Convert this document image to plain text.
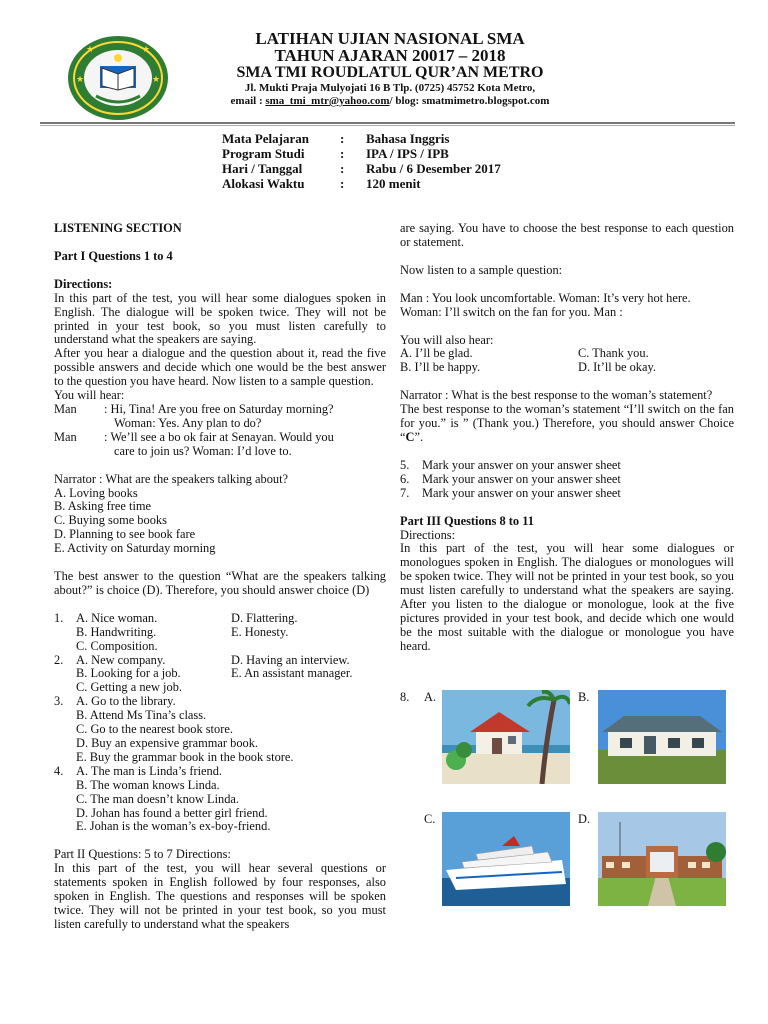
★	★
★	★
LATIHAN UJIAN NASIONAL SMA
TAHUN AJARAN 20017 – 2018
SMA TMI ROUDLATUL QUR’AN METRO
Jl. Mukti Praja Mulyojati 16 B Tlp. (0725) 45752 Kota Metro,
email : sma_tmi_mtr@yahoo.com/ blog: smatmimetro.blogspot.com
Mata Pelajaran	:	Bahasa Inggris
Program Studi	:	IPA / IPS / IPB
Hari / Tanggal	:	Rabu / 6 Desember 2017
Alokasi Waktu	:	120 menit

LISTENING SECTION

Part I Questions 1 to 4

Directions:

In this part of the test, you will hear some dialogues spoken in English. The dialogue will be spoken twice. They will not be printed in your test book, so you must listen carefully to understand what the speakers are saying.

After you hear a dialogue and the question about it, read the five possible answers and decide which one would be the best answer to the question you have heard. Now listen to a sample question.

You will hear:

Man	: Hi, Tina! Are you free on Saturday morning?
Woman: Yes. Any plan to do?
Man	: We’ll see a bo ok fair at Senayan. Would you
care to join us? Woman: I’d love to.

Narrator : What are the speakers talking about?

A. Loving books

B. Asking free time

C. Buying some books

D. Planning to see book fare

E. Activity on Saturday morning

The best answer to the question “What are the speakers talking about?” is choice (D). Therefore, you should answer choice (D)

1.	A. Nice woman.	D. Flattering.
B. Handwriting.	E. Honesty.
C. Composition.
2.	A. New company.	D. Having an interview.
B. Looking for a job.	E. An assistant manager.
C. Getting a new job.
3.	A. Go to the library.
B. Attend Ms Tina’s class.
C. Go to the nearest book store.
D. Buy an expensive grammar book.
E. Buy the grammar book in the book store.
4.	A. The man is Linda’s friend.
B. The woman knows Linda.
C. The man doesn’t know Linda.
D. Johan has found a better girl friend.
E. Johan is the woman’s ex-boy-friend.

Part II Questions: 5 to 7 Directions:

In this part of the test, you will hear several questions or statements spoken in English followed by four responses, also spoken in English. The questions and responses will be spoken twice. They will not be printed in your test book, so you must listen carefully to understand what the speakers

are saying. You have to choose the best response to each question or statement.

Now listen to a sample question:

Man : You look uncomfortable. Woman: It’s very hot here.

Woman: I’ll switch on the fan for you. Man :

You will also hear:

A. I’ll be glad.	C. Thank you.
B. I’ll be happy.	D. It’ll be okay.

Narrator : What is the best response to the woman’s statement?

The best response to the woman’s statement “I’ll switch on the fan for you.” is ” (Thank you.) Therefore, you should answer Choice “C”.

5.	Mark your answer on your answer sheet
6.	Mark your answer on your answer sheet
7.	Mark your answer on your answer sheet

Part III Questions 8 to 11

Directions:

In this part of the test, you will hear some dialogues or monologues spoken in English. The dialogues or monologues will be spoken twice. They will not be printed in your test book, so you must listen carefully to understand what the speakers are saying. After you listen to the dialogue or monologue, look at the five pictures provided in your test book, and decide which one would be the most suitable with the dialogue or monologue you have heard.

8. A.	B.
C.	D.
